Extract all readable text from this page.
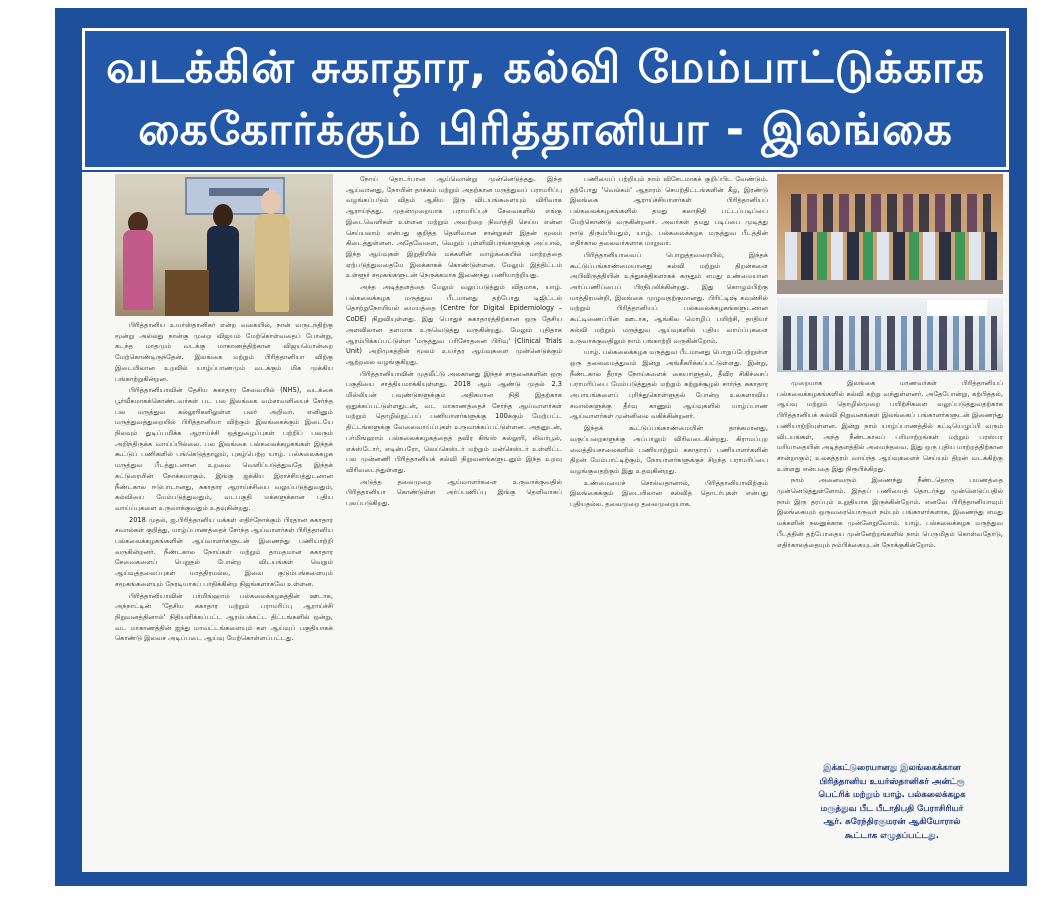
வடக்கின் சுகாதார, கல்வி மேம்பாட்டுக்காக
கைகோர்க்கும் பிரித்தானியா - இலங்கை

பிரித்தானிய உயர்ஸ்தானிகர் என்ற வகையில், நான் வருடந்திற்கு மூன்று அல்லது நான்கு முறை விஜயம் மேற்கொள்வதைப் போன்று, கடந்த மாதமும் வடக்கு மாகாணத்திற்கான விஜயமொன்றை மேற்கொண்டிருந்தேன். இலங்கை மற்றும் பிரித்தானியா விற்கு இடையிலான உறவில் யாழ்ப்பாணமும் வடக்கும் மிக முக்கிய பங்காற்றுகின்றன.

பிரித்தானியாவின் தேசிய சுகாதார சேவையில் (NHS), வடக்கை பூர்வீகமாகக்கொண்டவர்கள் பட பல இலங்கை வம்சாவளியைச் சேர்ந்த பல மருத்துவ கல்லூரிகளிலுள்ள பலர் அறிவர். எனினும் மருத்துவத்துறையில் பிரித்தானியா விற்கும் இலங்கைக்கும் இடையே நிலவும் துடிப்பமிக்க ஆராய்ச்சி ஒத்துழைப்புகள் பற்றிப் பலரும் அறிந்திருக்க வாய்ப்பில்லை. பல இலங்கை பல்கலைக்கழகங்கள் இந்தக் கூட்டுப் பணிகளில் பங்கெடுத்தாலும், புகழ்பெற்ற யாழ். பல்கலைக்கழக மருத்துவ பீடத்துடனான உறவை வெளிப்படுத்துவதே இந்தக் கட்டுரையின் நோக்கமாகும். இங்கு ஐக்கிய இராச்சியத்துடனான நீண்டகால ஈடுபாடானது, சுகாதார ஆராய்ச்சியை வலுப்படுத்துவதும், கல்வியை மேம்படுத்துவதும், வடபகுதி மக்களுக்கான புதிய வாய்ப்புகளை உருவாக்குவதும் உதவுகின்றது.

2018 முதல், ஐ.பிரித்தானிய மக்கள் எதிர்நோக்கும் பிரதான சுகாதார சவால்கள் குறித்து, யாழ்ப்பாணத்தைச் சேர்ந்த ஆய்வாளர்கள் பிரித்தானிய பல்கலைக்கழகங்களின் ஆய்வாளர்களுடன் இணைந்து பணியாற்றி வருகின்றனர். நீண்டகால நோய்கள் மற்றும் தாமதமான சுகாதார சேவைகளைப் பெறுதல் போன்ற விடயங்கள் வெறும் ஆய்வுத்தலைப்புகள் மாத்திரமல்ல, இவை குடும்பங்களையும் சமூகங்களையும் நேரடியாகப் பாதிக்கின்ற நிஜங்களாகவே உள்ளன.

பிரித்தானியாவின் பர்மிங்ஹாம் பல்கலைக்கழகத்தின் ஊடாக, அந்நாட்டின் 'தேசிய சுகாதார மற்றும் பராமரிப்பு ஆராய்ச்சி நிறுவனத்தினால்' நிதியளிக்கப்பட்ட ஆரம்பக்கட்ட திட்டங்களில் ஒன்று, வட மாகாணத்தின் ஐந்து மாவட்டங்களையும் கள ஆய்வுப் பகுதியாகக் கொண்டு இலவச அடிப்படை ஆய்வு மேற்கொள்ளப்பட்டது.

நோய் தொடர்பான ஆய்வொன்று முன்னெடுத்தது. இந்த ஆய்வானது, நோயின் தாக்கம் மற்றும் அதற்கான மருத்துவப் பராமரிப்பு வழங்கப்படும் விதம் ஆகிய இரு விடயங்களையும் விரிவாக ஆராய்ந்தது. முதன்முறையாக பராமரிப்புச் சேவைகளில் எங்கு இடைவெளிகள் உள்ளன மற்றும் அவற்றை நிவர்த்தி செய்ய என்ன செய்யலாம் என்பது குறித்த தெளிவான சான்றுகள் இதன் மூலம் கிடைத்துள்ளன. அதேவேளை, வெறும் புள்ளிவிபரங்களுக்கு அப்பால், இந்த ஆய்வுகள் இறுதியில் மக்களின் வாழ்க்கையில் மாற்றத்தை ஏற்படுத்துவதையே இலக்காகக் கொண்டுள்ளன. மேலும் இத்திட்டம் உள்ளூர் சமூகங்களுடன் நெருக்கமாக இணைந்து பணியாற்றியது.

அந்த அடித்தளத்தை மேலும் வலுப்படுத்தும் விதமாக, யாழ். பல்கலைக்கழக மருத்துவ பீடமானது தற்போது டிஜிட்டல் தொற்றுநோயியல் மையத்தை (Centre for Digital Epidemiology – CoDE) நிறுவியுள்ளது. இது பொதுச் சுகாதாரத்திற்கான ஒரு தேசிய அளவிலான தளமாக உருவெடுத்து வருகின்றது. மேலும் புதிதாக ஆரம்பிக்கப்பட்டுள்ள 'மருத்துவ பரிசோதனை பிரிவு' (Clinical Trials Unit) அறிமுகத்தின் மூலம் உயர்தர ஆய்வுகளை முன்னெடுக்கும் ஆற்றலை வழங்குகிறது.

பிரித்தானியாவின் முதலீட்டு அலகானது இந்தச் சாதனைகளின் ஒரு பகுதியை சாத்தியமாக்கியுள்ளது. 2018 ஆம் ஆண்டு முதல் 2.3 மில்லியன் பவுண்டுகளுக்கும் அதிகமான நிதி இதற்காக ஒதுக்கப்பட்டுள்ளதுடன், வட மாகாணத்தைச் சேர்ந்த ஆய்வாளர்கள் மற்றும் தொழில்நுட்பப் பணியாளர்களுக்கு 100க்கும் மேற்பட்ட திட்டங்களுக்கு வேலைவாய்ப்புகள் உருவாக்கப்பட்டுள்ளன. அதனுடன், பர்மிங்ஹாம் பல்கலைக்கழகத்தைத் தவிர கிங்ஸ் கல்லூரி, லிவர்பூல், எக்ஸ்டோர், எடின்பரோ, லெய்செஸ்டர் மற்றும் மன்செஸ்டர் உள்ளிட்ட பல முன்னணி பிரித்தானியக் கல்வி நிறுவனங்களுடனும் இந்த உறவு விரிவடைந்துள்ளது.

அடுத்த தலைமுறை ஆய்வாளர்களை உருவாக்குவதில் பிரித்தானியா கொண்டுள்ள அர்ப்பணிப்பு இங்கு தெளிவாகப் புலப்படுகிறது.

பணியைப் பற்றியும் நாம் விசேடமாகக் குறிப்பிட வேண்டும். தற்போது 'வெல்கம்' ஆதாரம் செயற்திட்டங்களின் கீழ், இரண்டு இலங்கை ஆராய்ச்சியாளர்கள் பிரித்தானியப் பல்கலைக்கழகங்களில் தமது கலாநிதி பட்டப்படிப்பை மேற்கொண்டு வருகின்றனர். அவர்கள் தமது படிப்பை முடித்து நாடு திரும்பியதும், யாழ். பல்கலைக்கழக மருத்துவ பீடத்தின் எதிர்கால தலைவர்களாக மாறுவர்.

பிரித்தானியாவைப் பொறுத்தவரையில், இந்தக் கூட்டுப்பங்காண்மையானது கல்வி மற்றும் திறன்களை அபிவிருத்தியின் உந்துசக்திகளாகக் கருதும் எமது உண்மையான அர்ப்பணிப்பைப் பிரதிபலிக்கின்றது. இது கொழும்பிற்கு மாத்திரமன்றி, இலங்கை முழுவதற்குமானது. பிரிட்டிஷ் கவுன்சில் மற்றும் பிரித்தானியப் பல்கலைக்கழகங்களுடனான கூட்டிணைப்பின் ஊடாக, ஆங்கில மொழிப் பயிற்சி, தாதியர் கல்வி மற்றும் மருத்துவ ஆய்வுகளில் புதிய வாய்ப்புகளை உருவாக்குவதிலும் நாம் பங்காற்றி வருகின்றோம்.

யாழ். பல்கலைக்கழக மருத்துவ பீடமானது பொறுப்பேற்றுள்ள ஒரு தலைமைத்துவம் இன்று அங்கீகரிக்கப்பட்டுள்ளது. இன்று, நீண்டகால தீராத நோய்களைக் கையாளுதல், தீவிர சிகிச்சைப் பராமரிப்பை மேம்படுத்துதல் மற்றும் சுற்றுச்சூழல் சார்ந்த சுகாதார அபாயங்களைப் புரிந்துகொள்ளுதல் போன்ற உலகளாவிய சவால்களுக்கு தீர்வு காணும் ஆய்வுகளில் யாழ்ப்பாண ஆய்வாளர்கள் முன்னிலை வகிக்கின்றனர்.

இந்தக் கூட்டுப்பங்காண்மையின் தாக்கமானது, வகுப்பறைகளுக்கு அப்பாலும் விரிவடைகின்றது. கிராமப்புற வைத்தியசாலைகளில் பணியாற்றும் சுகாதாரப் பணியாளர்களின் திறன் மேம்பாட்டிற்கும், நோயாளர்களுக்குச் சிறந்த பராமரிப்பை வழங்குவதற்கும் இது உதவுகின்றது.

உண்மையைச் சொல்வதானால், பிரித்தானியாவிற்கும் இலங்கைக்கும் இடையிலான கல்வித் தொடர்புகள் என்பது புதியதல்ல. தலைமுறை தலைமுறையாக.

முறையாக இலங்கை மாணவர்கள் பிரித்தானியப் பல்கலைக்கழகங்களில் கல்வி கற்று வந்துள்ளனர். அதேபோன்று, கற்பித்தல், ஆய்வு மற்றும் தொழில்முறை பயிற்சிகளை வலுப்படுத்துவதற்காக பிரித்தானியக் கல்வி நிறுவனங்கள் இலங்கைப் பங்காளர்களுடன் இணைந்து பணியாற்றியுள்ளன. இன்று நாம் யாழ்ப்பாணத்தில் கட்டியெழுப்பி வரும் விடயங்கள், அந்த நீண்டகாலப் பரிமாற்றங்கள் மற்றும் பரஸ்பர மரியாதையின் அடித்தளத்தில் அமைந்தவை. இது ஒரு புதிய மாற்றத்திற்கான சான்றாகும்; உலகத்தரம் வாய்ந்த ஆய்வுகளைச் செய்யும் திறன் வடக்கிற்கு உள்ளது என்பதை இது நிரூபிக்கிறது.

நாம் அனைவரும் இணைந்து நீண்டதொரு பயணத்தை முன்னெடுத்துள்ளோம். இந்தப் பணியைத் தொடர்ந்து முன்னெடுப்பதில் நாம் இரு தரப்பும் உறுதியாக இருக்கின்றோம். எனவே பிரித்தானியாவும் இலங்கையும் ஒருவரையொருவர் நம்பும் பங்காளர்களாக, இணைந்து எமது மக்களின் நலனுக்காக முன்னேறுவோம். யாழ். பல்கலைக்கழக மருத்துவ பீடத்தின் தற்போதைய முன்னேற்றங்களில் நாம் பெருமிதம் கொள்வதோடு, எதிர்காலத்தையும் நம்பிக்கையுடன் நோக்குகின்றோம்.

இக்கட்டுரையானது இலங்கைக்கான
பிரித்தானிய உயர்ஸ்தானிகர் அன்ட்ரூ
பெட்ரிக் மற்றும் யாழ். பல்கலைக்கழக
மருத்துவ பீட பீடாதிபதி பேராசிரியர்
ஆர். சுரேந்திரகுமரன் ஆகியோரால்
கூட்டாக எழுதப்பட்டது.
